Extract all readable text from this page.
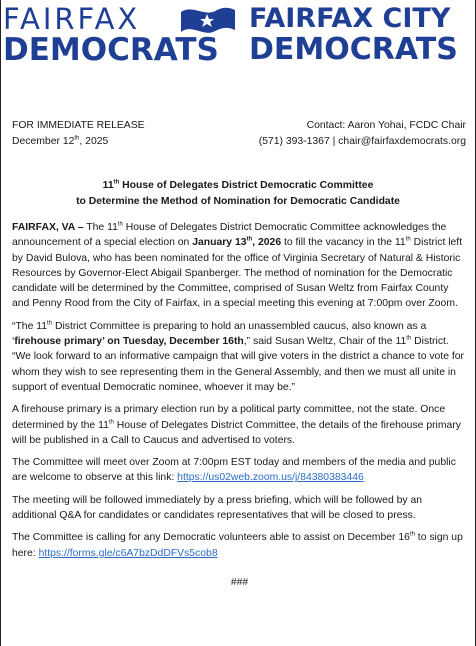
FAIRFAX
DEMOCRATS
FAIRFAX CITY
DEMOCRATS
FOR IMMEDIATE RELEASE
December 12th, 2025
Contact: Aaron Yohai, FCDC Chair
(571) 393-1367 | chair@fairfaxdemocrats.org
11th House of Delegates District Democratic Committee
to Determine the Method of Nomination for Democratic Candidate

FAIRFAX, VA – The 11th House of Delegates District Democratic Committee acknowledges the announcement of a special election on January 13th, 2026 to fill the vacancy in the 11th District left by David Bulova, who has been nominated for the office of Virginia Secretary of Natural & Historic Resources by Governor-Elect Abigail Spanberger. The method of nomination for the Democratic candidate will be determined by the Committee, comprised of Susan Weltz from Fairfax County and Penny Rood from the City of Fairfax, in a special meeting this evening at 7:00pm over Zoom.

“The 11th District Committee is preparing to hold an unassembled caucus, also known as a ‘firehouse primary’ on Tuesday, December 16th,” said Susan Weltz, Chair of the 11th District. “We look forward to an informative campaign that will give voters in the district a chance to vote for whom they wish to see representing them in the General Assembly, and then we must all unite in support of eventual Democratic nominee, whoever it may be.”

A firehouse primary is a primary election run by a political party committee, not the state. Once determined by the 11th House of Delegates District Committee, the details of the firehouse primary will be published in a Call to Caucus and advertised to voters.

The Committee will meet over Zoom at 7:00pm EST today and members of the media and public are welcome to observe at this link: https://us02web.zoom.us/j/84380383446

The meeting will be followed immediately by a press briefing, which will be followed by an additional Q&A for candidates or candidates representatives that will be closed to press.

The Committee is calling for any Democratic volunteers able to assist on December 16th to sign up here: https://forms.gle/c6A7bzDdDFVs5cob8

###
